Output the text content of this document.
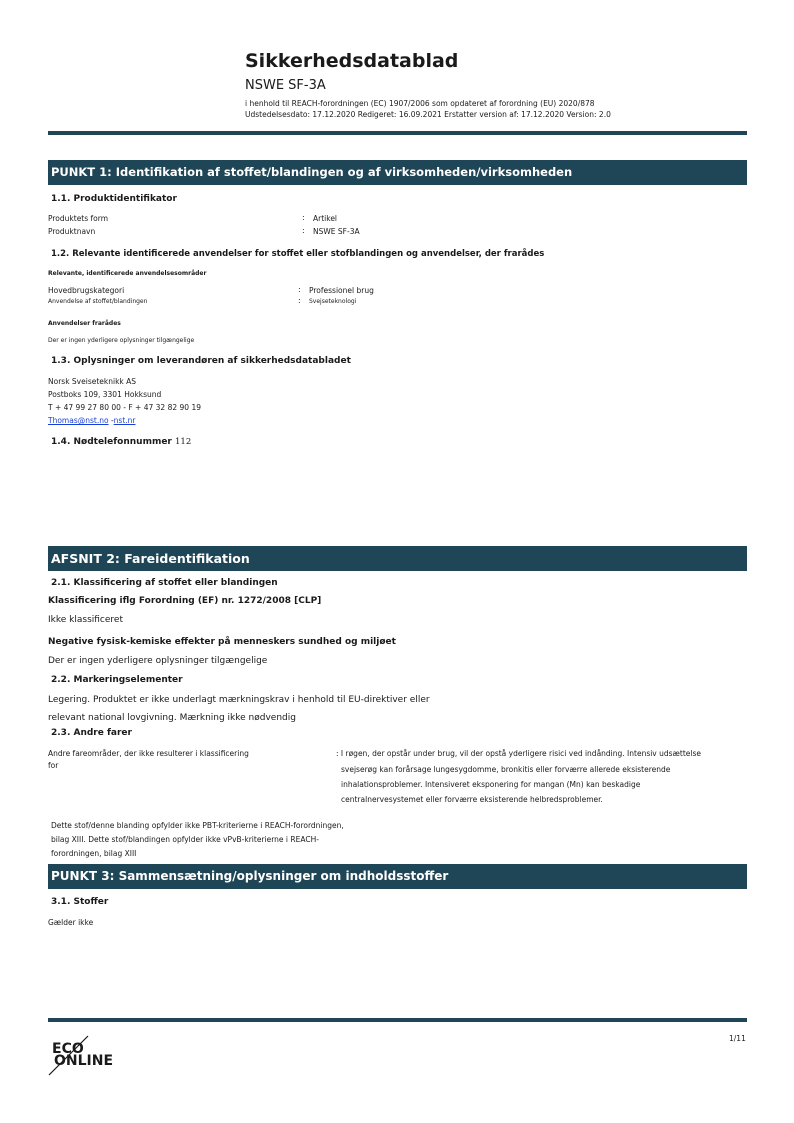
Sikkerhedsdatablad
NSWE SF-3A
i henhold til REACH-forordningen (EC) 1907/2006 som opdateret af forordning (EU) 2020/878
Udstedelsesdato: 17.12.2020 Redigeret: 16.09.2021 Erstatter version af: 17.12.2020 Version: 2.0
PUNKT 1: Identifikation af stoffet/blandingen og af virksomheden/virksomheden
1.1. Produktidentifikator
Produktets form	: Artikel
Produktnavn	: NSWE SF-3A
1.2. Relevante identificerede anvendelser for stoffet eller stofblandingen og anvendelser, der frarådes
Relevante, identificerede anvendelsesområder
Hovedbrugskategori	: Professionel brug
Anvendelse af stoffet/blandingen	: Svejseteknologi
Anvendelser frarådes
Der er ingen yderligere oplysninger tilgængelige
1.3. Oplysninger om leverandøren af sikkerhedsdatabladet
Norsk Sveiseteknikk AS
Postboks 109, 3301 Hokksund
T + 47 99 27 80 00 - F + 47 32 82 90 19
Thomas@nst.no -nst.nr
1.4. Nødtelefonnummer 112
AFSNIT 2: Fareidentifikation
2.1. Klassificering af stoffet eller blandingen
Klassificering iflg Forordning (EF) nr. 1272/2008 [CLP]
Ikke klassificeret
Negative fysisk-kemiske effekter på menneskers sundhed og miljøet
Der er ingen yderligere oplysninger tilgængelige
2.2. Markeringselementer
Legering. Produktet er ikke underlagt mærkningskrav i henhold til EU-direktiver eller
relevant national lovgivning. Mærkning ikke nødvendig
2.3. Andre farer
Andre fareområder, der ikke resulterer i klassificering
for
: I røgen, der opstår under brug, vil der opstå yderligere risici ved indånding. Intensiv udsættelse
svejserøg kan forårsage lungesygdomme, bronkitis eller forværre allerede eksisterende
inhalationsproblemer. Intensiveret eksponering for mangan (Mn) kan beskadige
centralnervesystemet eller forværre eksisterende helbredsproblemer.
Dette stof/denne blanding opfylder ikke PBT-kriterierne i REACH-forordningen,
bilag XIII. Dette stof/blandingen opfylder ikke vPvB-kriterierne i REACH-
forordningen, bilag XIII
PUNKT 3: Sammensætning/oplysninger om indholdsstoffer
3.1. Stoffer
Gælder ikke
1/11
ECO
ONLINE
